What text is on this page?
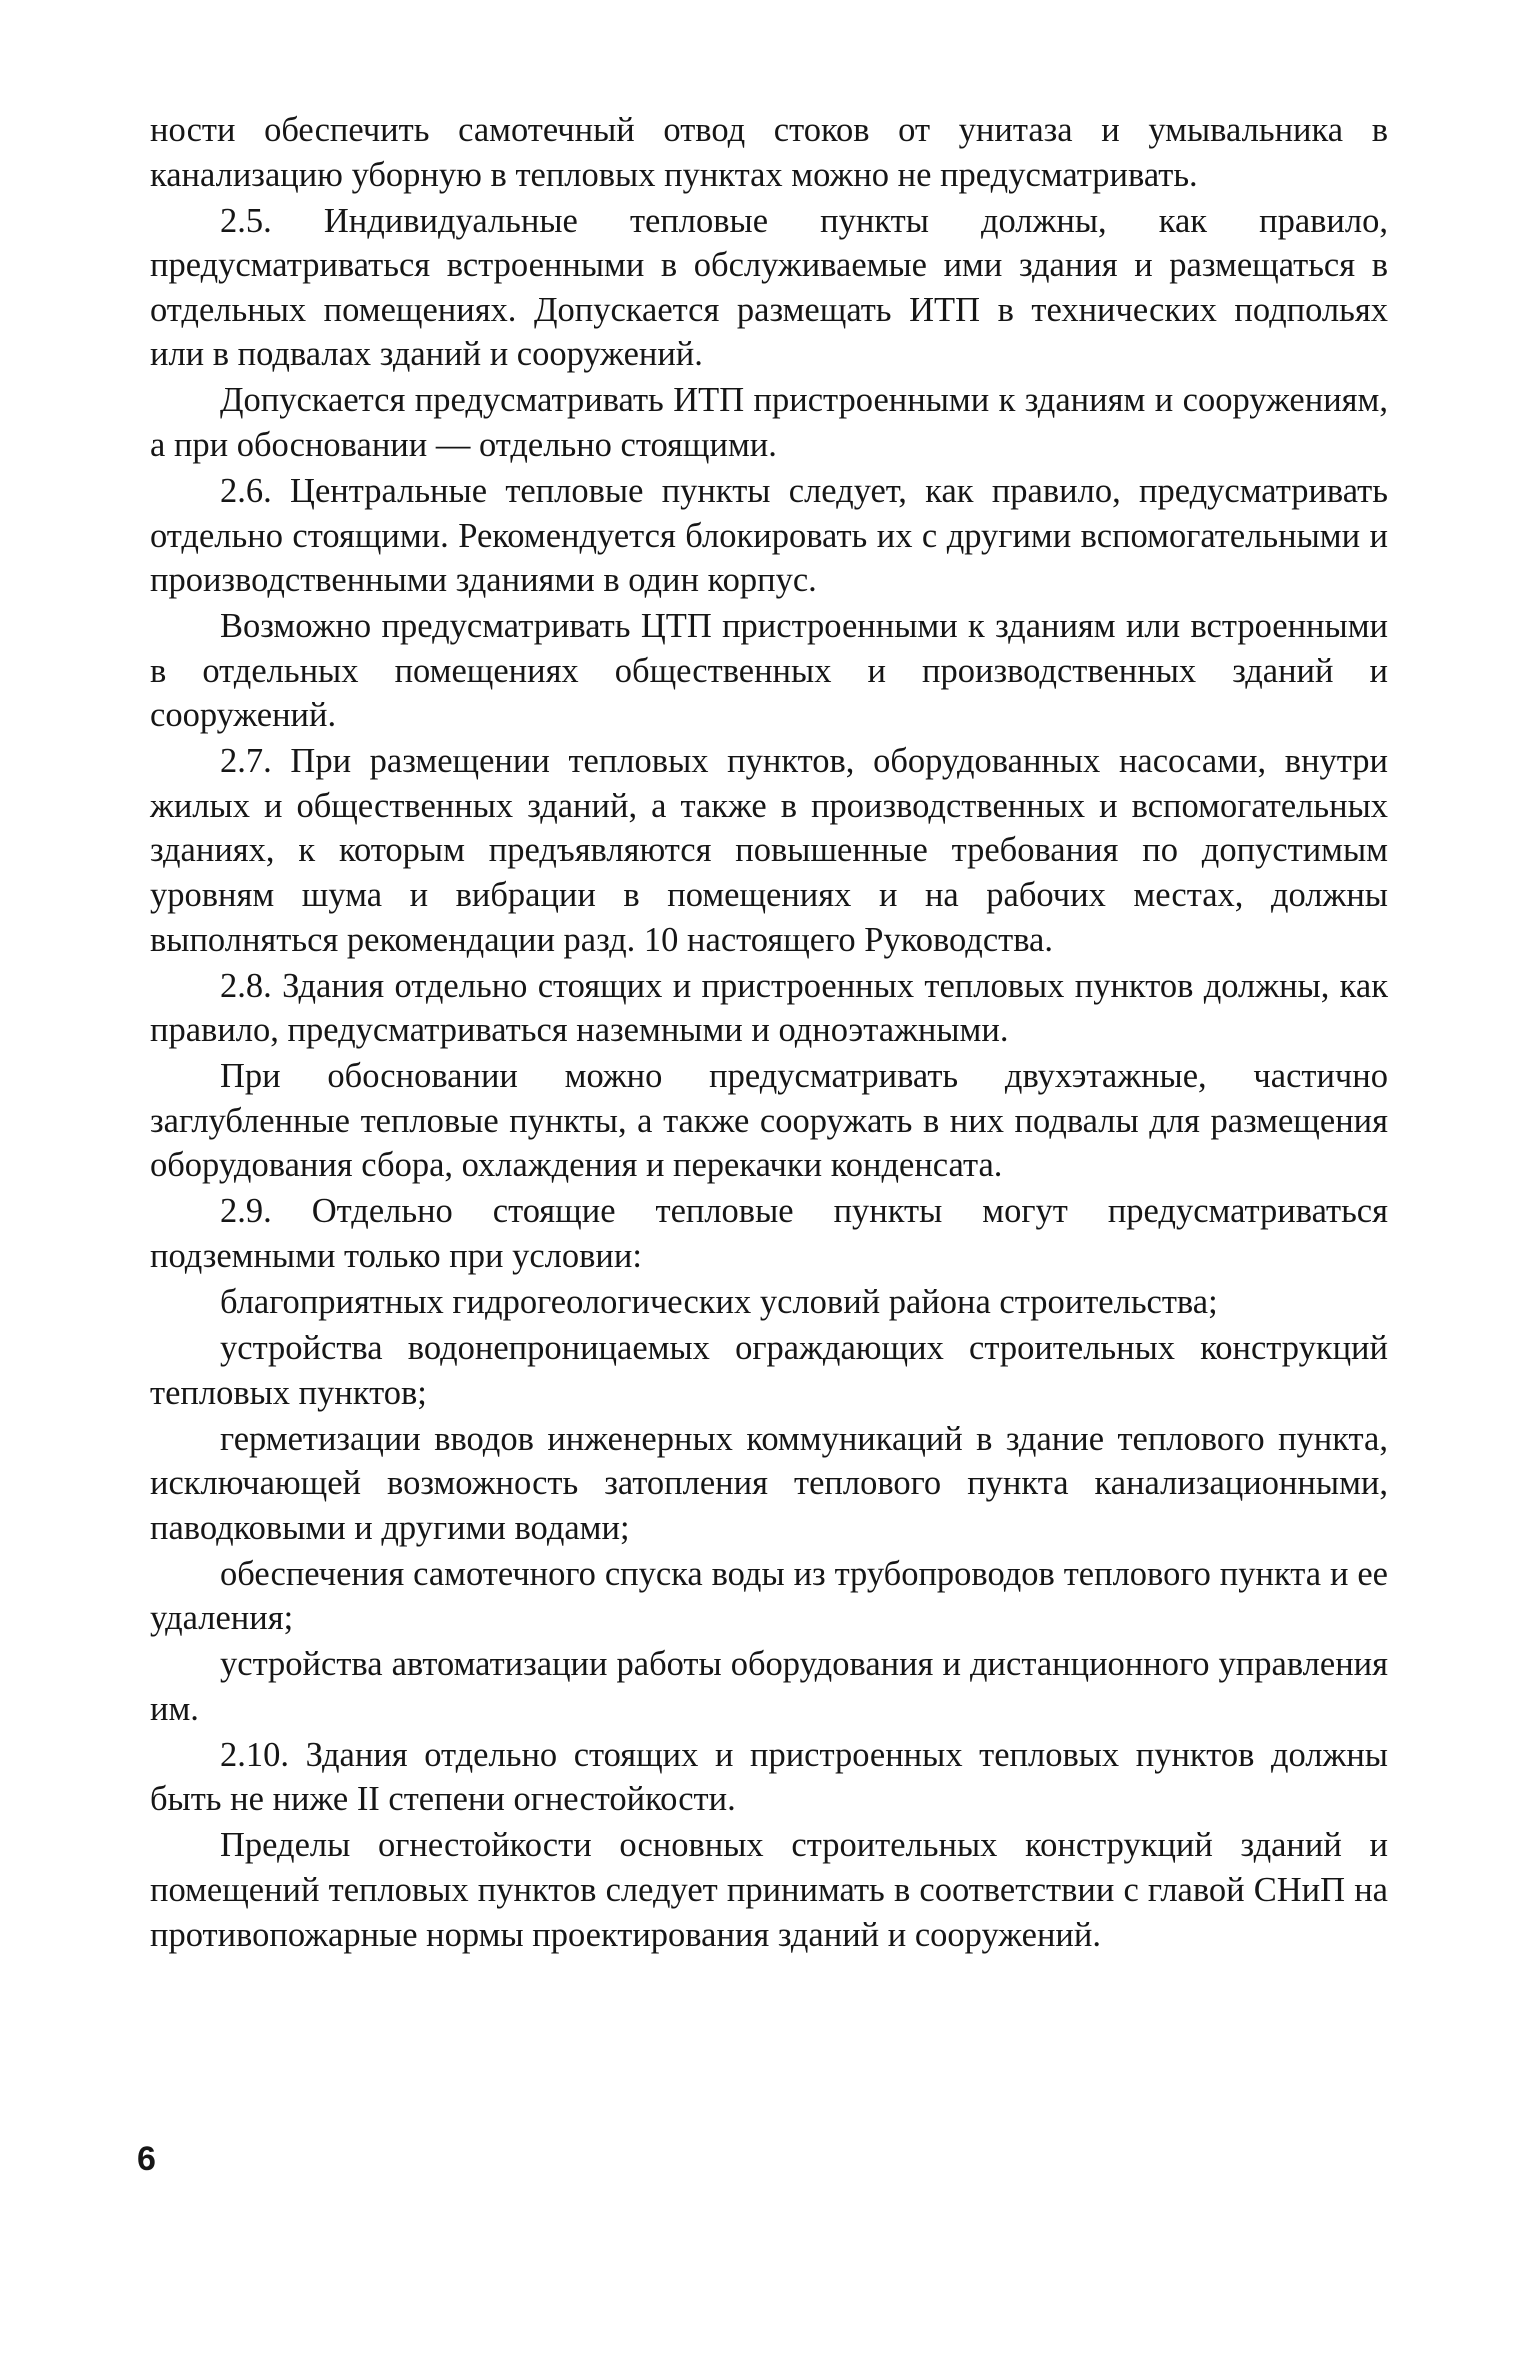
ности обеспечить самотечный отвод стоков от унитаза и умывальника в канализацию уборную в тепловых пунктах можно не предусматривать.

2.5. Индивидуальные тепловые пункты должны, как правило, предусматриваться встроенными в обслуживаемые ими здания и размещаться в отдельных помещениях. Допускается размещать ИТП в технических подпольях или в подвалах зданий и сооружений.

Допускается предусматривать ИТП пристроенными к зданиям и сооружениям, а при обосновании — отдельно стоящими.

2.6. Центральные тепловые пункты следует, как правило, предусматривать отдельно стоящими. Рекомендуется блокировать их с другими вспомогательными и производственными зданиями в один корпус.

Возможно предусматривать ЦТП пристроенными к зданиям или встроенными в отдельных помещениях общественных и производственных зданий и сооружений.

2.7. При размещении тепловых пунктов, оборудованных насосами, внутри жилых и общественных зданий, а также в производственных и вспомогательных зданиях, к которым предъявляются повышенные требования по допустимым уровням шума и вибрации в помещениях и на рабочих местах, должны выполняться рекомендации разд. 10 настоящего Руководства.

2.8. Здания отдельно стоящих и пристроенных тепловых пунктов должны, как правило, предусматриваться наземными и одноэтажными.

При обосновании можно предусматривать двухэтажные, частично заглубленные тепловые пункты, а также сооружать в них подвалы для размещения оборудования сбора, охлаждения и перекачки конденсата.

2.9. Отдельно стоящие тепловые пункты могут предусматриваться подземными только при условии:

благоприятных гидрогеологических условий района строительства;

устройства водонепроницаемых ограждающих строительных конструкций тепловых пунктов;

герметизации вводов инженерных коммуникаций в здание теплового пункта, исключающей возможность затопления теплового пункта канализационными, паводковыми и другими водами;

обеспечения самотечного спуска воды из трубопроводов теплового пункта и ее удаления;

устройства автоматизации работы оборудования и дистанционного управления им.

2.10. Здания отдельно стоящих и пристроенных тепловых пунктов должны быть не ниже II степени огнестойкости.

Пределы огнестойкости основных строительных конструкций зданий и помещений тепловых пунктов следует принимать в соответствии с главой СНиП на противопожарные нормы проектирования зданий и сооружений.

6
